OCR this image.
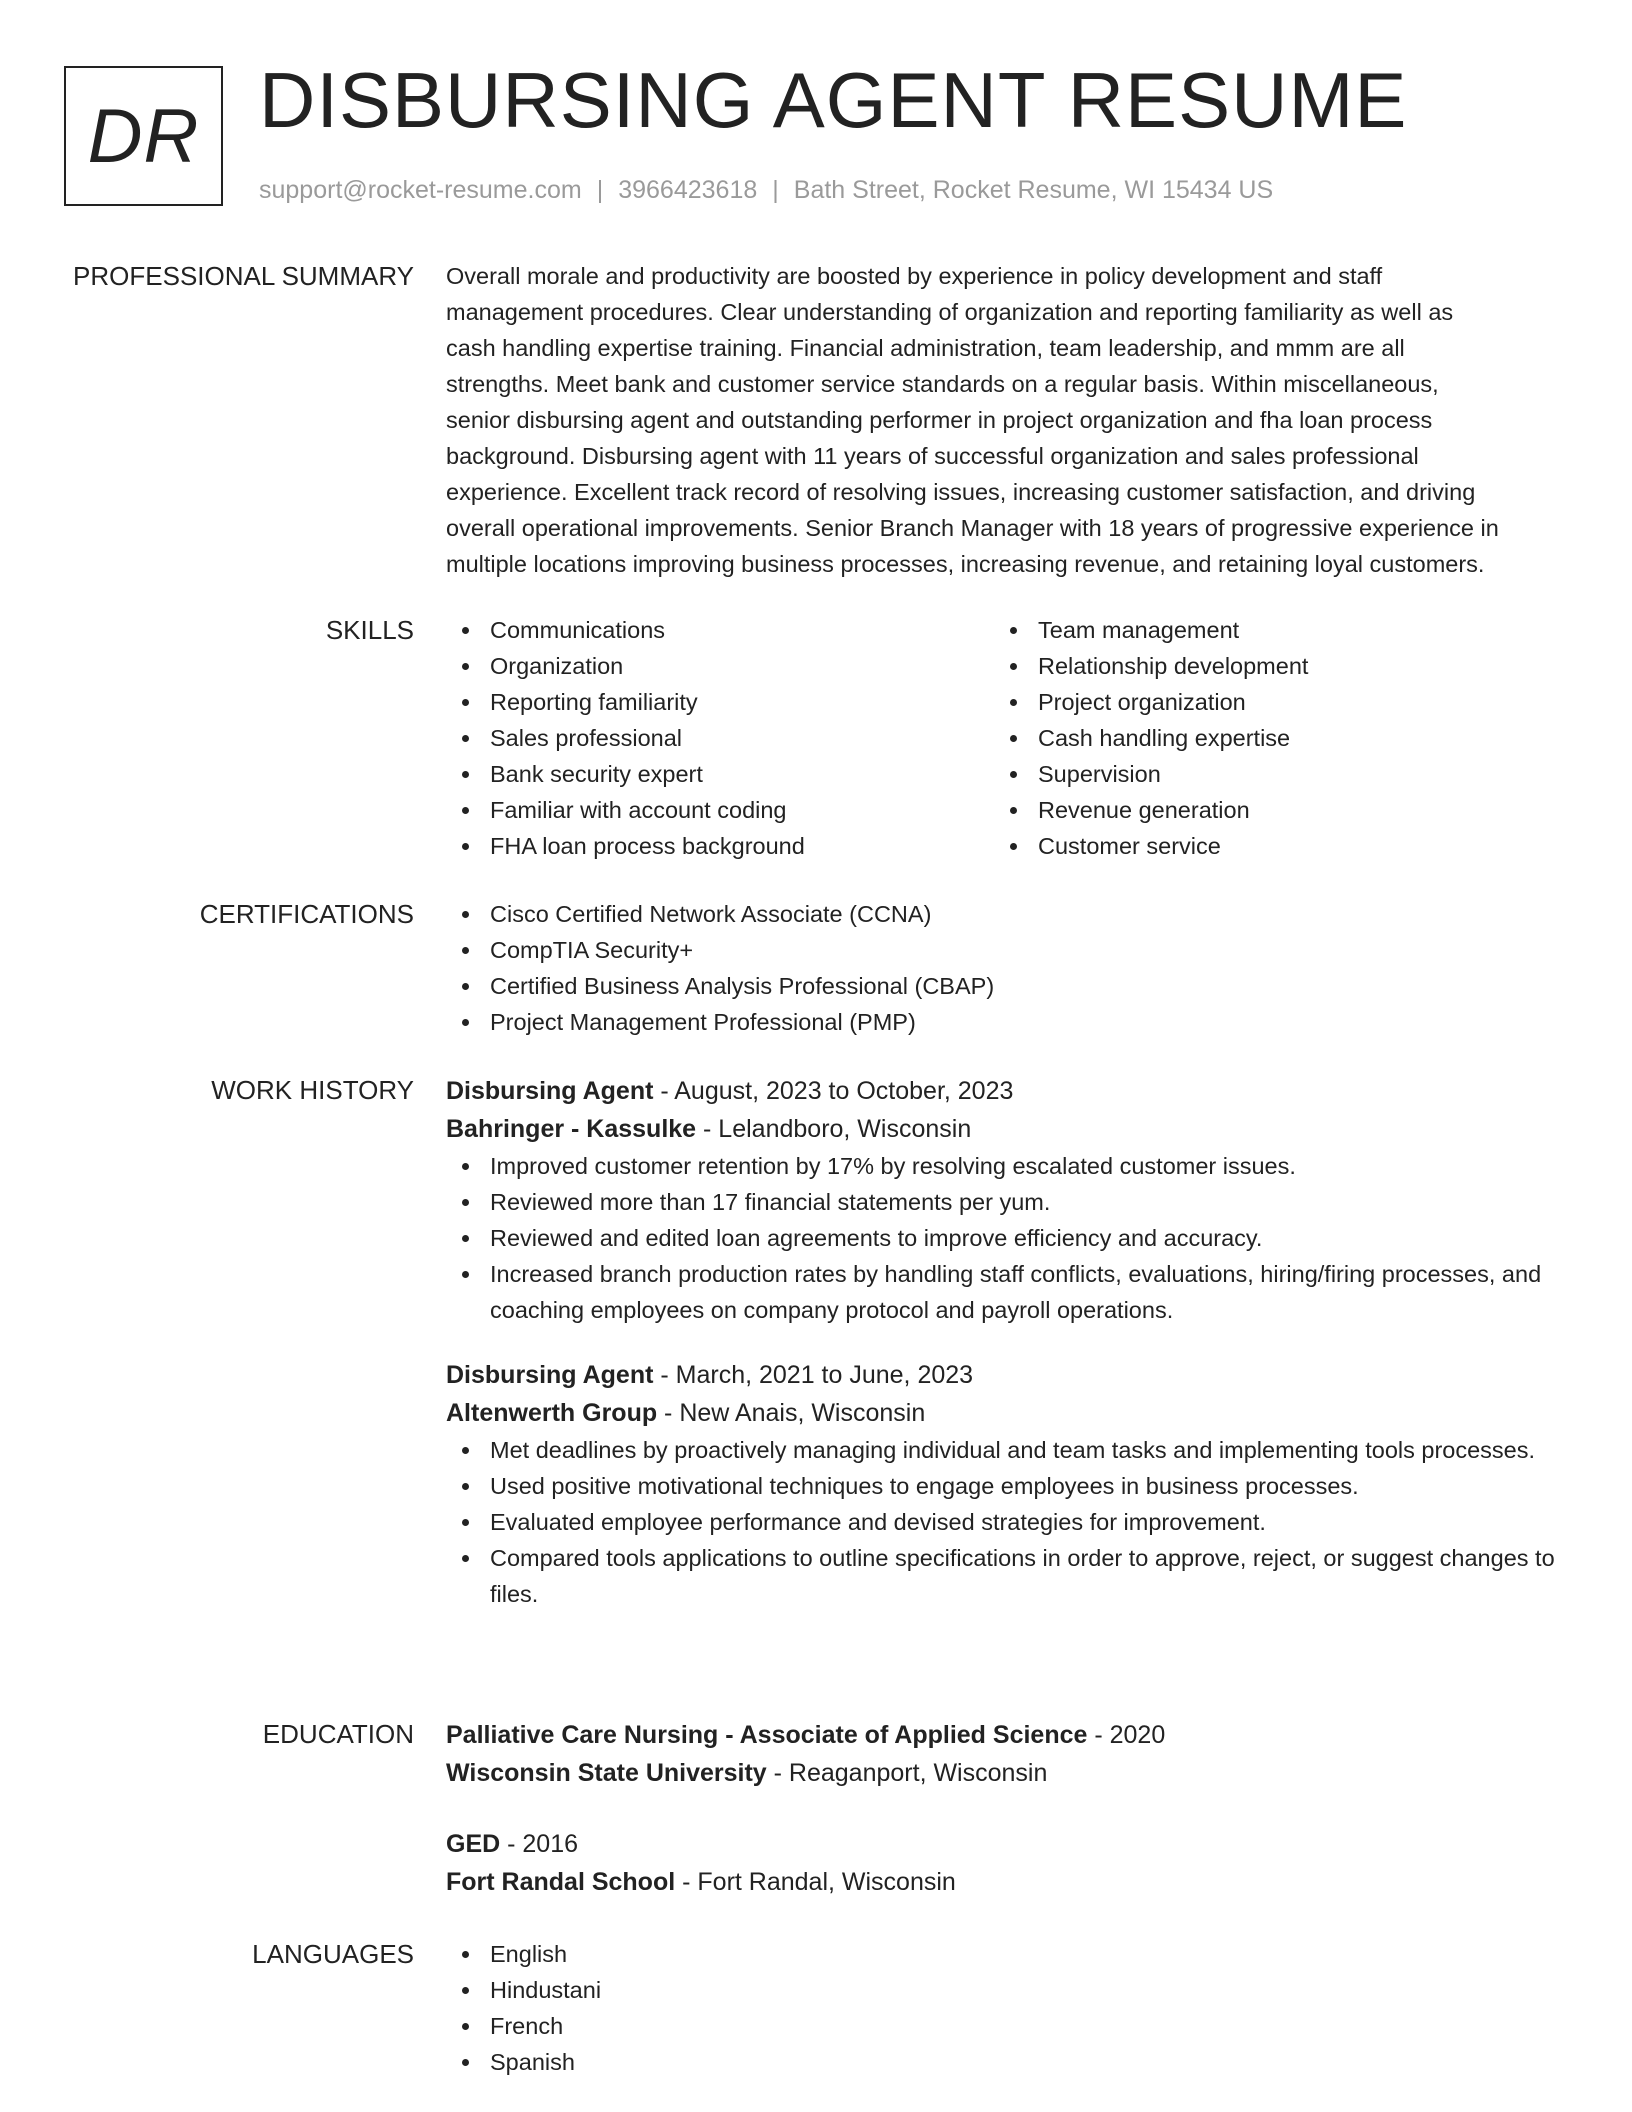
DR DISBURSING AGENT RESUME
support@rocket-resume.com | 3966423618 | Bath Street, Rocket Resume, WI 15434 US
PROFESSIONAL SUMMARY Overall morale and productivity are boosted by experience in policy development and staff
management procedures. Clear understanding of organization and reporting familiarity as well as
cash handling expertise training. Financial administration, team leadership, and mmm are all
strengths. Meet bank and customer service standards on a regular basis. Within miscellaneous,
senior disbursing agent and outstanding performer in project organization and fha loan process
background. Disbursing agent with 11 years of successful organization and sales professional
experience. Excellent track record of resolving issues, increasing customer satisfaction, and driving
overall operational improvements. Senior Branch Manager with 18 years of progressive experience in
multiple locations improving business processes, increasing revenue, and retaining loyal customers.
SKILLS	Communications
Organization
Reporting familiarity
Sales professional
Bank security expert
Familiar with account coding
FHA loan process background
Team management
Relationship development
Project organization
Cash handling expertise
Supervision
Revenue generation
Customer service
CERTIFICATIONS	Cisco Certified Network Associate (CCNA)
CompTIA Security+
Certified Business Analysis Professional (CBAP)
Project Management Professional (PMP)
WORK HISTORY Disbursing Agent - August, 2023 to October, 2023
Bahringer - Kassulke - Lelandboro, Wisconsin
Improved customer retention by 17% by resolving escalated customer issues.
Reviewed more than 17 financial statements per yum.
Reviewed and edited loan agreements to improve efficiency and accuracy.
Increased branch production rates by handling staff conflicts, evaluations, hiring/firing processes, and coaching employees on company protocol and payroll operations.
Disbursing Agent - March, 2021 to June, 2023
Altenwerth Group - New Anais, Wisconsin
Met deadlines by proactively managing individual and team tasks and implementing tools processes.
Used positive motivational techniques to engage employees in business processes.
Evaluated employee performance and devised strategies for improvement.
Compared tools applications to outline specifications in order to approve, reject, or suggest changes to files.
EDUCATION Palliative Care Nursing - Associate of Applied Science - 2020
Wisconsin State University - Reaganport, Wisconsin
GED - 2016
Fort Randal School - Fort Randal, Wisconsin
LANGUAGES	English
Hindustani
French
Spanish
